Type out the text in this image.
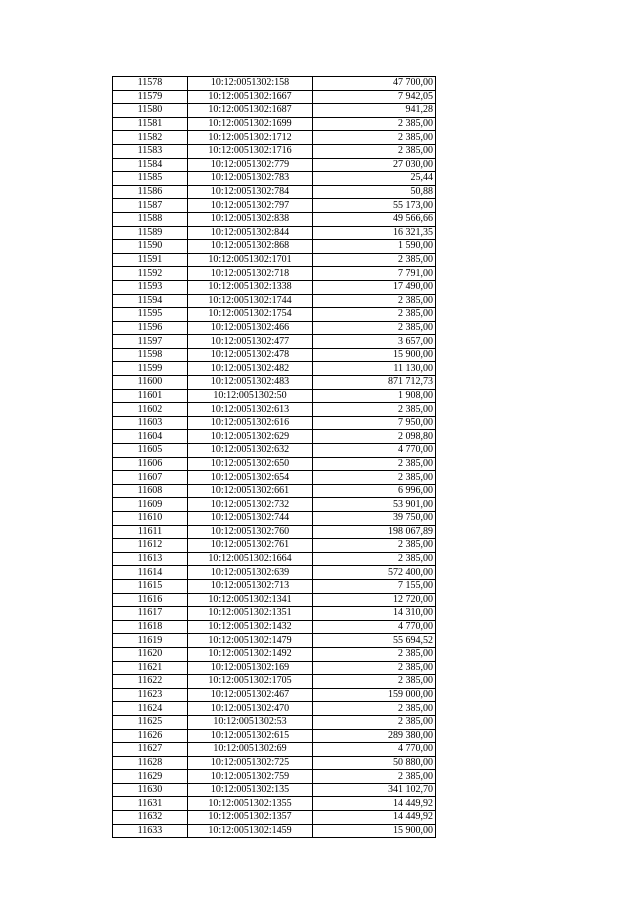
11578	10:12:0051302:158	47 700,00
11579	10:12:0051302:1667	7 942,05
11580	10:12:0051302:1687	941,28
11581	10:12:0051302:1699	2 385,00
11582	10:12:0051302:1712	2 385,00
11583	10:12:0051302:1716	2 385,00
11584	10:12:0051302:779	27 030,00
11585	10:12:0051302:783	25,44
11586	10:12:0051302:784	50,88
11587	10:12:0051302:797	55 173,00
11588	10:12:0051302:838	49 566,66
11589	10:12:0051302:844	16 321,35
11590	10:12:0051302:868	1 590,00
11591	10:12:0051302:1701	2 385,00
11592	10:12:0051302:718	7 791,00
11593	10:12:0051302:1338	17 490,00
11594	10:12:0051302:1744	2 385,00
11595	10:12:0051302:1754	2 385,00
11596	10:12:0051302:466	2 385,00
11597	10:12:0051302:477	3 657,00
11598	10:12:0051302:478	15 900,00
11599	10:12:0051302:482	11 130,00
11600	10:12:0051302:483	871 712,73
11601	10:12:0051302:50	1 908,00
11602	10:12:0051302:613	2 385,00
11603	10:12:0051302:616	7 950,00
11604	10:12:0051302:629	2 098,80
11605	10:12:0051302:632	4 770,00
11606	10:12:0051302:650	2 385,00
11607	10:12:0051302:654	2 385,00
11608	10:12:0051302:661	6 996,00
11609	10:12:0051302:732	53 901,00
11610	10:12:0051302:744	39 750,00
11611	10:12:0051302:760	198 067,89
11612	10:12:0051302:761	2 385,00
11613	10:12:0051302:1664	2 385,00
11614	10:12:0051302:639	572 400,00
11615	10:12:0051302:713	7 155,00
11616	10:12:0051302:1341	12 720,00
11617	10:12:0051302:1351	14 310,00
11618	10:12:0051302:1432	4 770,00
11619	10:12:0051302:1479	55 694,52
11620	10:12:0051302:1492	2 385,00
11621	10:12:0051302:169	2 385,00
11622	10:12:0051302:1705	2 385,00
11623	10:12:0051302:467	159 000,00
11624	10:12:0051302:470	2 385,00
11625	10:12:0051302:53	2 385,00
11626	10:12:0051302:615	289 380,00
11627	10:12:0051302:69	4 770,00
11628	10:12:0051302:725	50 880,00
11629	10:12:0051302:759	2 385,00
11630	10:12:0051302:135	341 102,70
11631	10:12:0051302:1355	14 449,92
11632	10:12:0051302:1357	14 449,92
11633	10:12:0051302:1459	15 900,00
